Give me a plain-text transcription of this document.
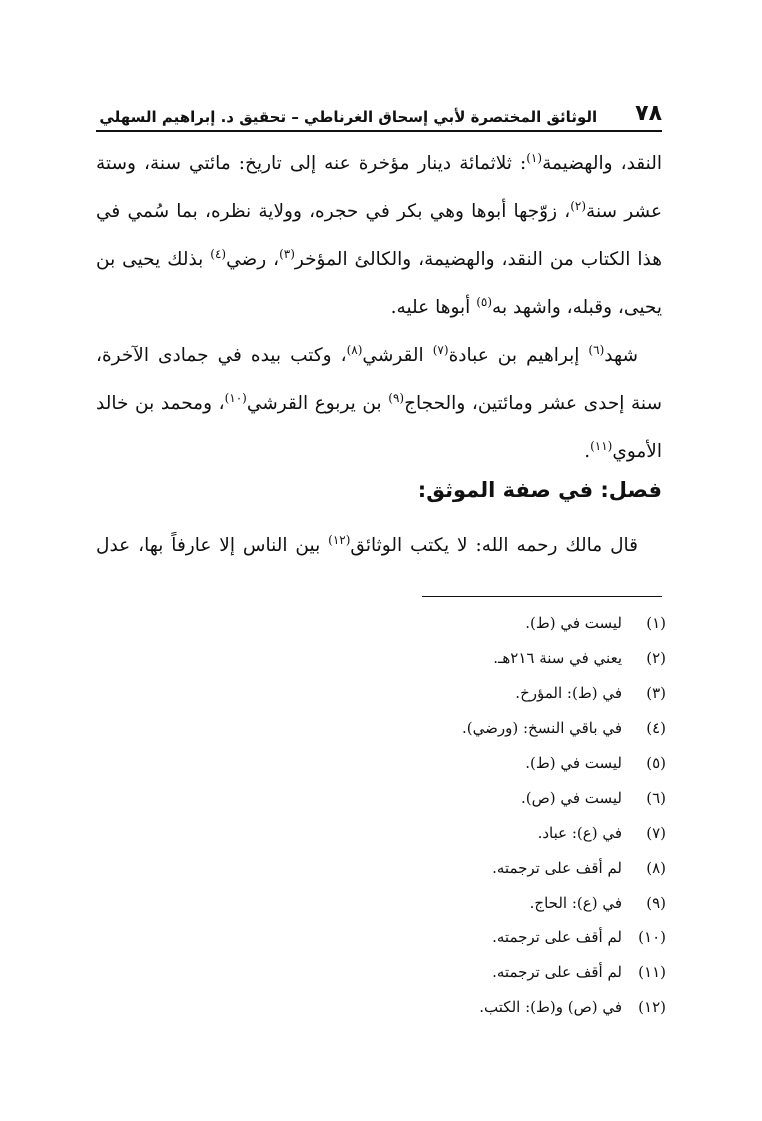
٧٨
الوثائق المختصرة لأبي إسحاق الغرناطي – تحقيق د. إبراهيم السهلي

النقد، والهضيمة$^{(١)}$: ثلاثمائة دينار مؤخرة عنه إلى تاريخ: مائتي سنة، وستة عشر سنة$^{(٢)}$، زوّجها أبوها وهي بكر في حجره، وولاية نظره، بما سُمي في هذا الكتاب من النقد، والهضيمة، والكالئ المؤخر$^{(٣)}$، رضي$^{(٤)}$ بذلك يحيى بن يحيى، وقبله، واشهد به$^{(٥)}$ أبوها عليه.

شهد$^{(٦)}$ إبراهيم بن عبادة$^{(٧)}$ القرشي$^{(٨)}$، وكتب بيده في جمادى الآخرة، سنة إحدى عشر ومائتين، والحجاج$^{(٩)}$ بن يربوع القرشي$^{(١٠)}$، ومحمد بن خالد الأموي$^{(١١)}$.

فصل: في صفة الموثق:

قال مالك رحمه الله: لا يكتب الوثائق$^{(١٢)}$ بين الناس إلا عارفاً بها، عدل

(١)
ليست في (ط).
(٢)
يعني في سنة ٢١٦هـ.
(٣)
في (ط): المؤرخ.
(٤)
في باقي النسخ: (ورضي).
(٥)
ليست في (ط).
(٦)
ليست في (ص).
(٧)
في (ع): عباد.
(٨)
لم أقف على ترجمته.
(٩)
في (ع): الحاج.
(١٠)
لم أقف على ترجمته.
(١١)
لم أقف على ترجمته.
(١٢)
في (ص) و(ط): الكتب.
